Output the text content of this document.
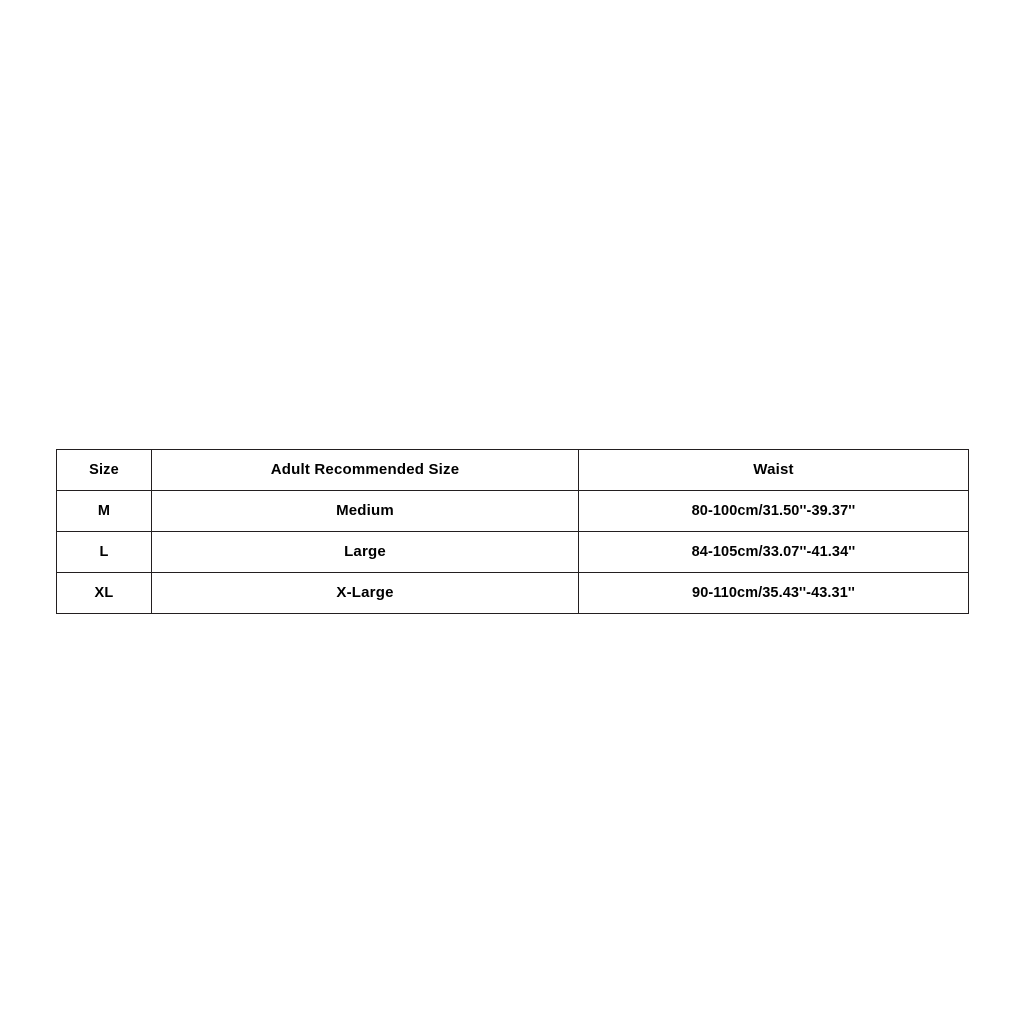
Size	Adult Recommended Size	Waist
M	Medium	80-100cm/31.50''-39.37''
L	Large	84-105cm/33.07''-41.34''
XL	X-Large	90-110cm/35.43''-43.31''
